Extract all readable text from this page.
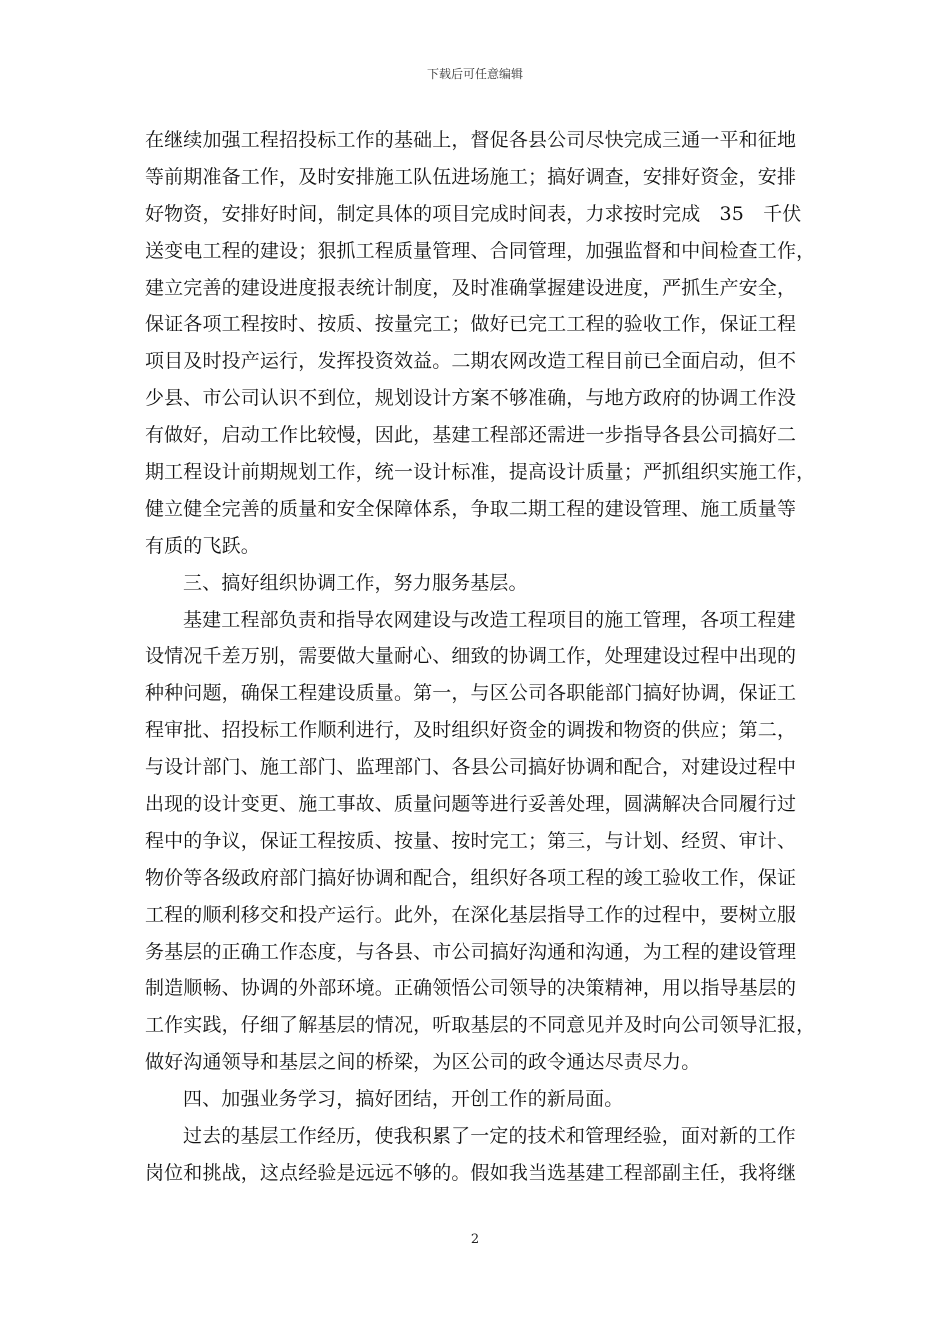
下载后可任意编辑
在继续加强工程招投标工作的基础上，督促各县公司尽快完成三通一平和征地
等前期准备工作，及时安排施工队伍进场施工；搞好调查，安排好资金，安排
好物资，安排好时间，制定具体的项目完成时间表，力求按时完成　35　千伏
送变电工程的建设；狠抓工程质量管理、合同管理，加强监督和中间检查工作，
建立完善的建设进度报表统计制度，及时准确掌握建设进度，严抓生产安全，
保证各项工程按时、按质、按量完工；做好已完工工程的验收工作，保证工程
项目及时投产运行，发挥投资效益。二期农网改造工程目前已全面启动，但不
少县、市公司认识不到位，规划设计方案不够准确，与地方政府的协调工作没
有做好，启动工作比较慢，因此，基建工程部还需进一步指导各县公司搞好二
期工程设计前期规划工作，统一设计标准，提高设计质量；严抓组织实施工作，
健立健全完善的质量和安全保障体系，争取二期工程的建设管理、施工质量等
有质的飞跃。
三、搞好组织协调工作，努力服务基层。
基建工程部负责和指导农网建设与改造工程项目的施工管理，各项工程建
设情况千差万别，需要做大量耐心、细致的协调工作，处理建设过程中出现的
种种问题，确保工程建设质量。第一，与区公司各职能部门搞好协调，保证工
程审批、招投标工作顺利进行，及时组织好资金的调拨和物资的供应；第二，
与设计部门、施工部门、监理部门、各县公司搞好协调和配合，对建设过程中
出现的设计变更、施工事故、质量问题等进行妥善处理，圆满解决合同履行过
程中的争议，保证工程按质、按量、按时完工；第三，与计划、经贸、审计、
物价等各级政府部门搞好协调和配合，组织好各项工程的竣工验收工作，保证
工程的顺利移交和投产运行。此外，在深化基层指导工作的过程中，要树立服
务基层的正确工作态度，与各县、市公司搞好沟通和沟通，为工程的建设管理
制造顺畅、协调的外部环境。正确领悟公司领导的决策精神，用以指导基层的
工作实践，仔细了解基层的情况，听取基层的不同意见并及时向公司领导汇报，
做好沟通领导和基层之间的桥梁，为区公司的政令通达尽责尽力。
四、加强业务学习，搞好团结，开创工作的新局面。
过去的基层工作经历，使我积累了一定的技术和管理经验，面对新的工作
岗位和挑战，这点经验是远远不够的。假如我当选基建工程部副主任，我将继
2
